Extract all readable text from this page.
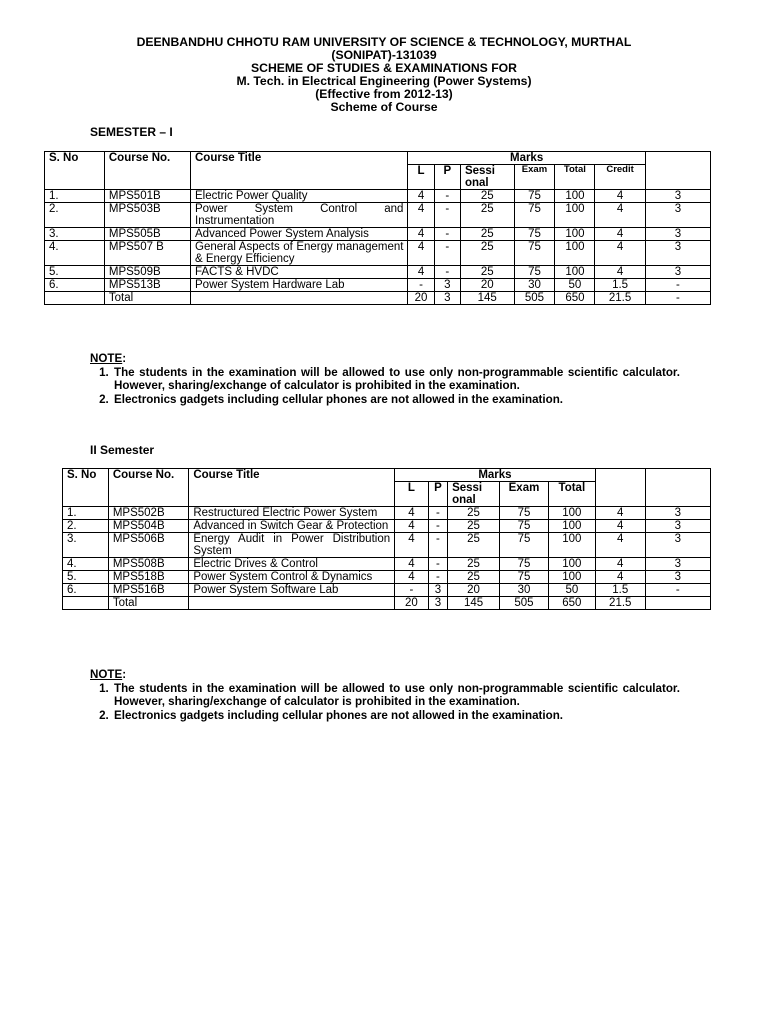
DEENBANDHU CHHOTU RAM UNIVERSITY OF SCIENCE & TECHNOLOGY, MURTHAL
(SONIPAT)-131039
SCHEME OF STUDIES & EXAMINATIONS FOR
M. Tech. in Electrical Engineering (Power Systems)
(Effective from 2012-13)
Scheme of Course
SEMESTER – I
S. No	Course No.	Course Title	Marks						
			L	P	Sessi onal	Exam	Total	Credit	
1.	MPS501B	Electric Power Quality	4	-	25	75	100	4	3
2.	MPS503B	Power System Control and Instrumentation	4	-	25	75	100	4	3
3.	MPS505B	Advanced Power System Analysis	4	-	25	75	100	4	3
4.	MPS507 B	General Aspects of Energy management & Energy Efficiency	4	-	25	75	100	4	3
5.	MPS509B	FACTS & HVDC	4	-	25	75	100	4	3
6.	MPS513B	Power System Hardware Lab	-	3	20	30	50	1.5	-
	Total		20	3	145	505	650	21.5	-
NOTE:
1. The students in the examination will be allowed to use only non-programmable scientific calculator. However, sharing/exchange of calculator is prohibited in the examination.
2. Electronics gadgets including cellular phones are not allowed in the examination.
II Semester
S. No	Course No.	Course Title	Marks						
			L	P	Sessi onal	Exam	Total		
1.	MPS502B	Restructured Electric Power System	4	-	25	75	100	4	3
2.	MPS504B	Advanced in Switch Gear & Protection	4	-	25	75	100	4	3
3.	MPS506B	Energy Audit in Power Distribution System	4	-	25	75	100	4	3
4.	MPS508B	Electric Drives & Control	4	-	25	75	100	4	3
5.	MPS518B	Power System Control & Dynamics	4	-	25	75	100	4	3
6.	MPS516B	Power System Software Lab	-	3	20	30	50	1.5	-
	Total		20	3	145	505	650	21.5	
NOTE:
1. The students in the examination will be allowed to use only non-programmable scientific calculator. However, sharing/exchange of calculator is prohibited in the examination.
2. Electronics gadgets including cellular phones are not allowed in the examination.
